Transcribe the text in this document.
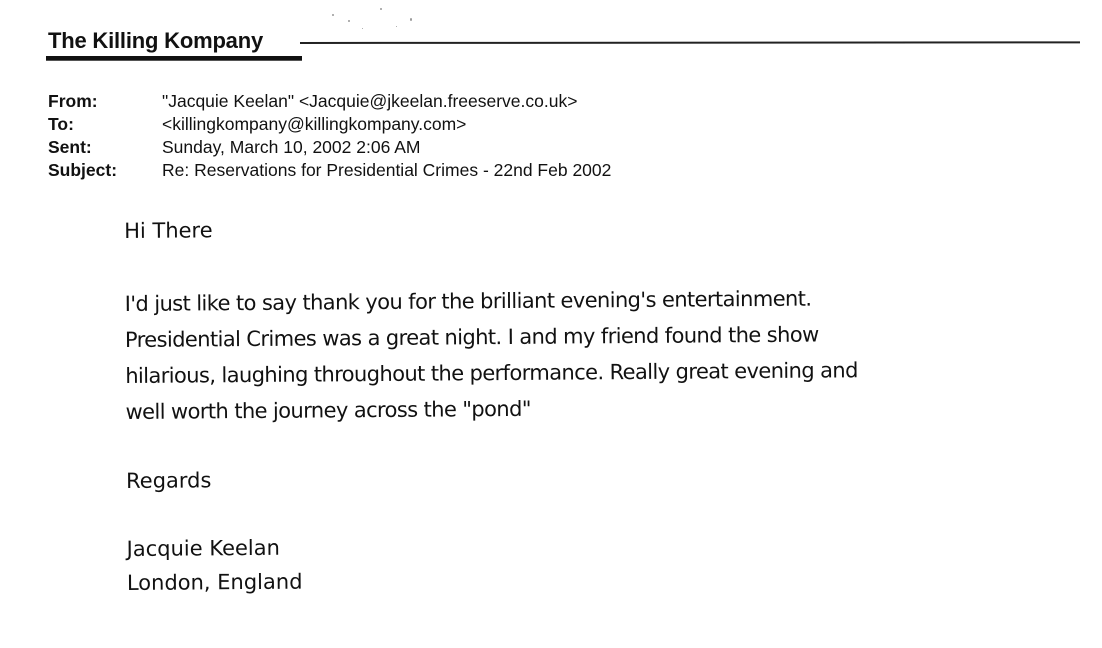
The Killing Kompany
From:	"Jacquie Keelan" <Jacquie@jkeelan.freeserve.co.uk>
To:	<killingkompany@killingkompany.com>
Sent:	Sunday, March 10, 2002 2:06 AM
Subject:	Re: Reservations for Presidential Crimes - 22nd Feb 2002
Hi There
I'd just like to say thank you for the brilliant evening's entertainment.
Presidential Crimes was a great night. I and my friend found the show
hilarious, laughing throughout the performance. Really great evening and
well worth the journey across the "pond"
Regards
Jacquie Keelan
London, England
